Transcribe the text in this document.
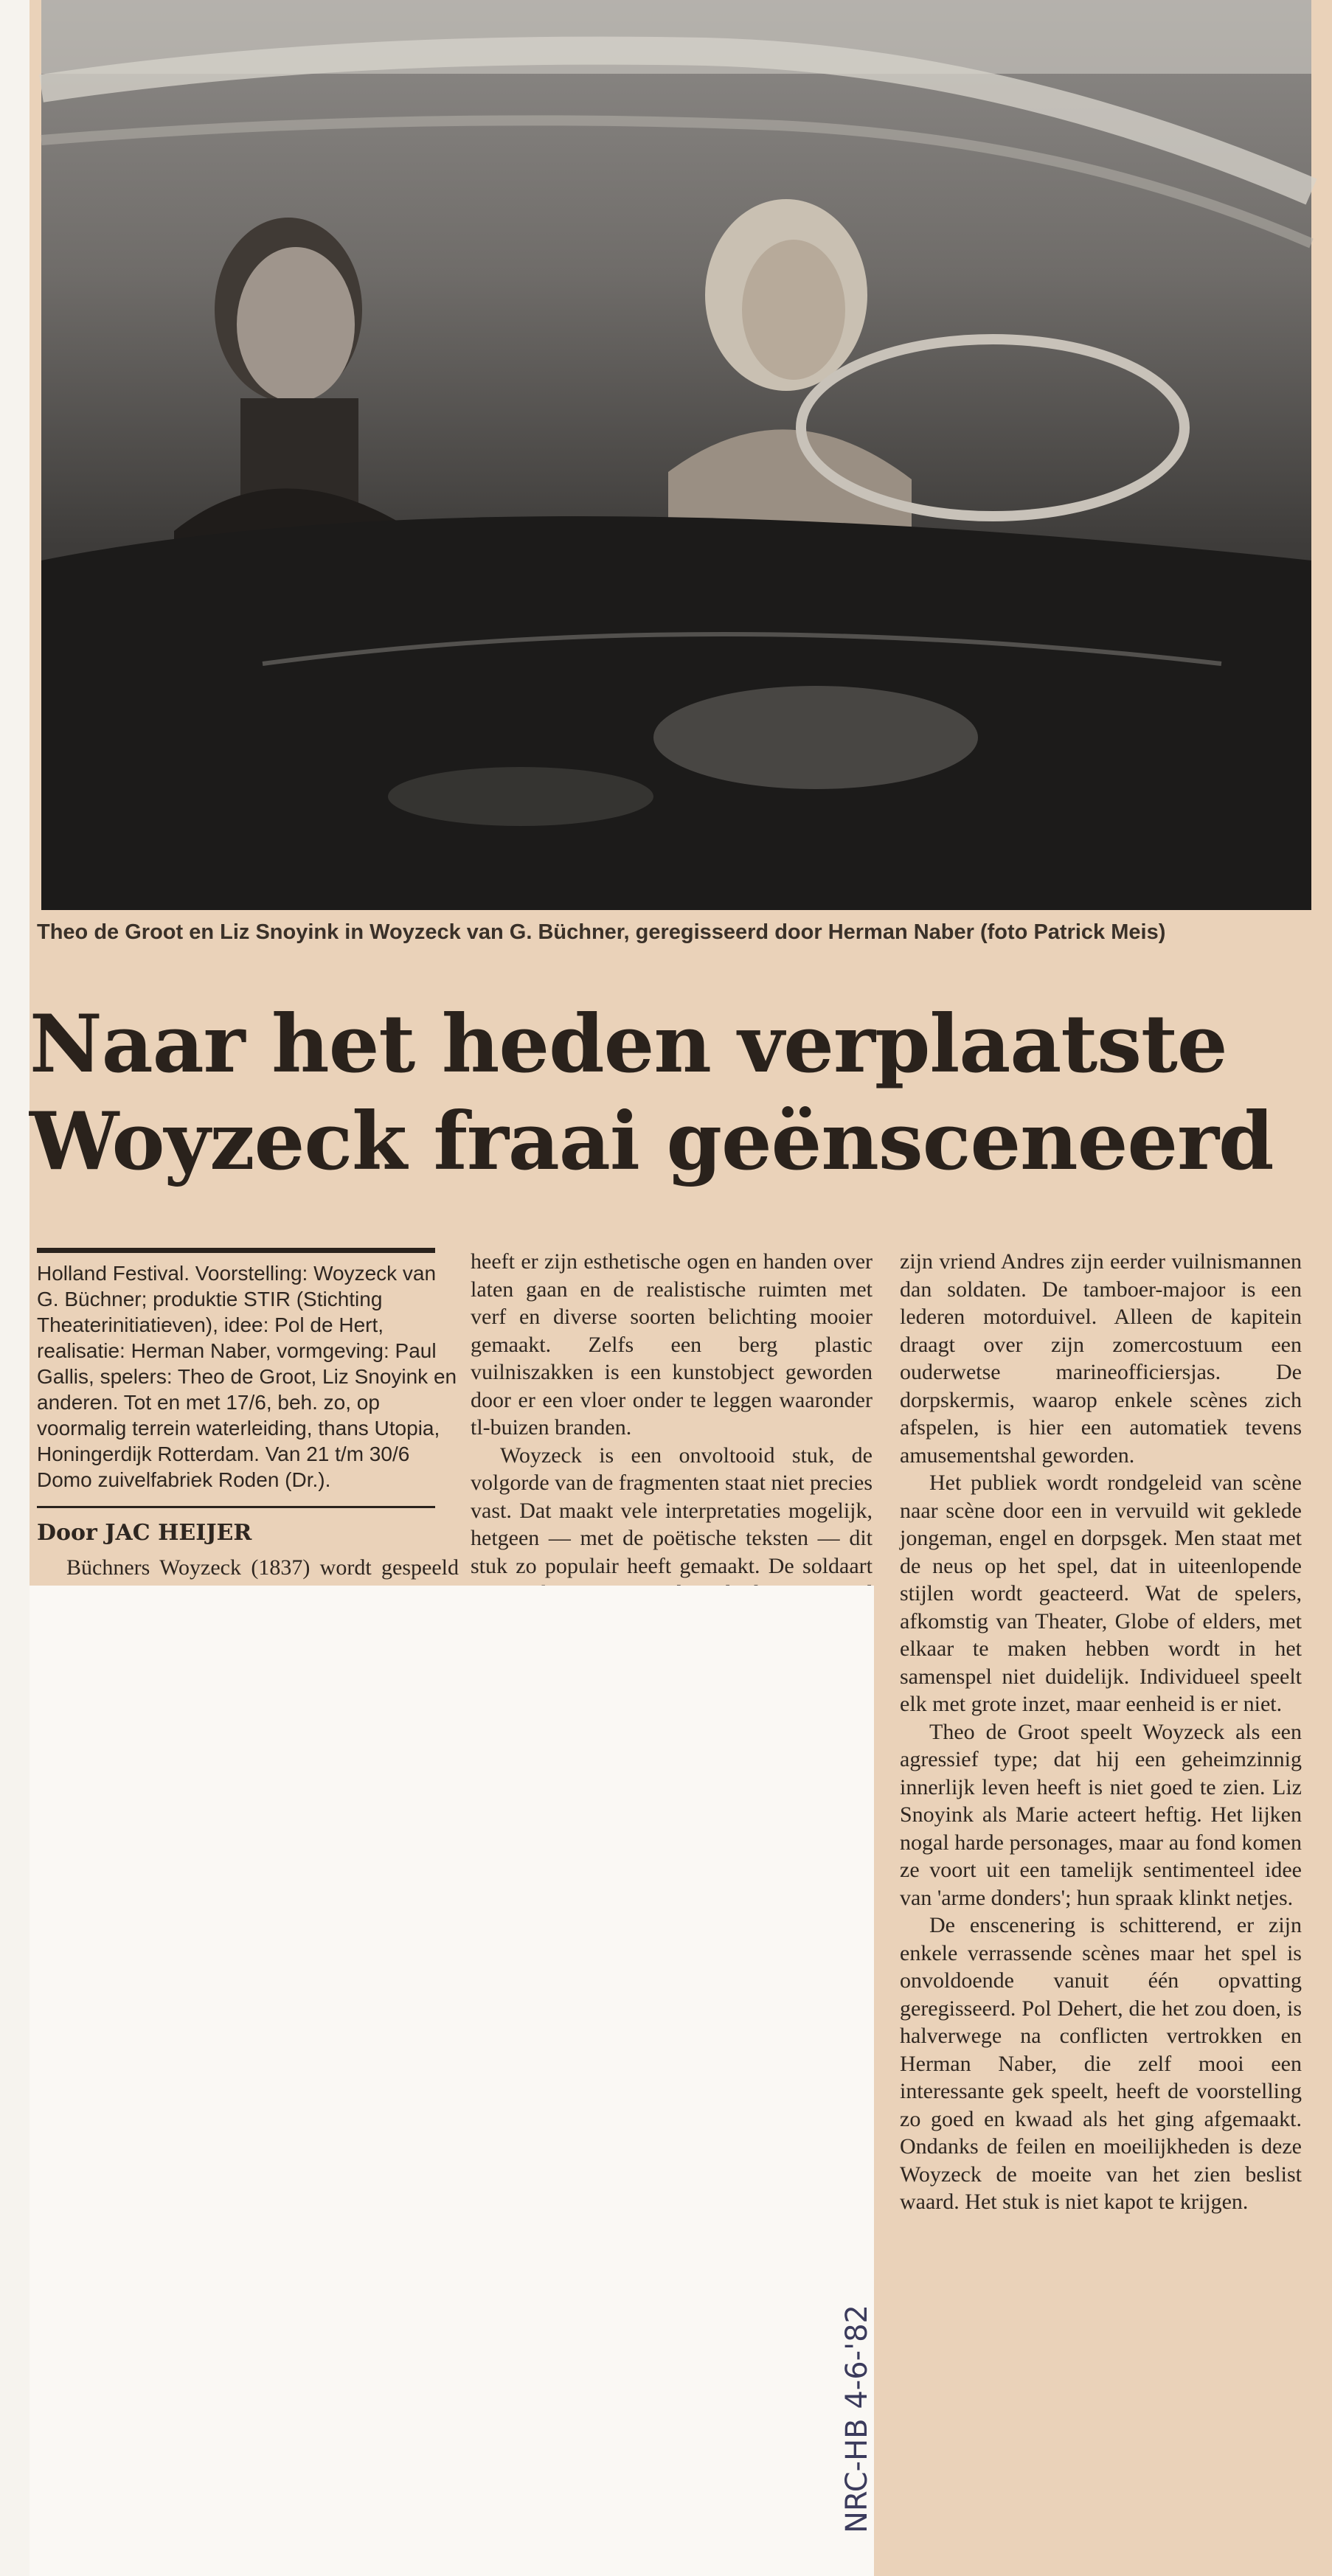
Theo de Groot en Liz Snoyink in Woyzeck van G. Büchner, geregisseerd door Herman Naber (foto Patrick Meis)
Naar het heden verplaatste
Woyzeck fraai geënsceneerd
Holland Festival. Voorstelling: Woyzeck van G. Büchner; produktie STIR (Stichting Theaterinitiatieven), idee: Pol de Hert, realisatie: Herman Naber, vormgeving: Paul Gallis, spelers: Theo de Groot, Liz Snoyink en anderen. Tot en met 17/6, beh. zo, op voormalig terrein waterleiding, thans Utopia, Honingerdijk Rotterdam. Van 21 t/m 30/6 Domo zuivelfabriek Roden (Dr.).
Door JAC HEIJER

Büchners Woyzeck (1837) wordt gespeeld

heeft er zijn esthetische ogen en handen over laten gaan en de realistische ruimten met verf en diverse soorten belichting mooier gemaakt. Zelfs een berg plastic vuilniszakken is een kunstobject geworden door er een vloer onder te leggen waaronder tl-buizen branden.

Woyzeck is een onvoltooid stuk, de volgorde van de fragmenten staat niet precies vast. Dat maakt vele interpretaties mogelijk, hetgeen — met de poëtische teksten — dit stuk zo populair heeft gemaakt. De soldaart

zijn vriend Andres zijn eerder vuilnismannen dan soldaten. De tamboer-majoor is een lederen motorduivel. Alleen de kapitein draagt over zijn zomercostuum een ouderwetse marineofficiersjas. De dorpskermis, waarop enkele scènes zich afspelen, is hier een automatiek tevens amusementshal geworden.

Het publiek wordt rondgeleid van scène naar scène door een in vervuild wit geklede jongeman, engel en dorpsgek. Men staat met de neus op het spel, dat in uiteenlopende stijlen wordt geacteerd. Wat de spelers, afkomstig van Theater, Globe of elders, met elkaar te maken hebben wordt in het samenspel niet duidelijk. Individueel speelt elk met grote inzet, maar eenheid is er niet.

Theo de Groot speelt Woyzeck als een agressief type; dat hij een geheimzinnig innerlijk leven heeft is niet goed te zien. Liz Snoyink als Marie acteert heftig. Het lijken nogal harde personages, maar au fond komen ze voort uit een tamelijk sentimenteel idee van 'arme donders'; hun spraak klinkt netjes.

De enscenering is schitterend, er zijn enkele verrassende scènes maar het spel is onvoldoende vanuit één opvatting geregisseerd. Pol Dehert, die het zou doen, is halverwege na conflicten vertrokken en Herman Naber, die zelf mooi een interessante gek speelt, heeft de voorstelling zo goed en kwaad als het ging afgemaakt. Ondanks de feilen en moeilijkheden is deze Woyzeck de moeite van het zien beslist waard. Het stuk is niet kapot te krijgen.

NRC-HB 4-6-'82
